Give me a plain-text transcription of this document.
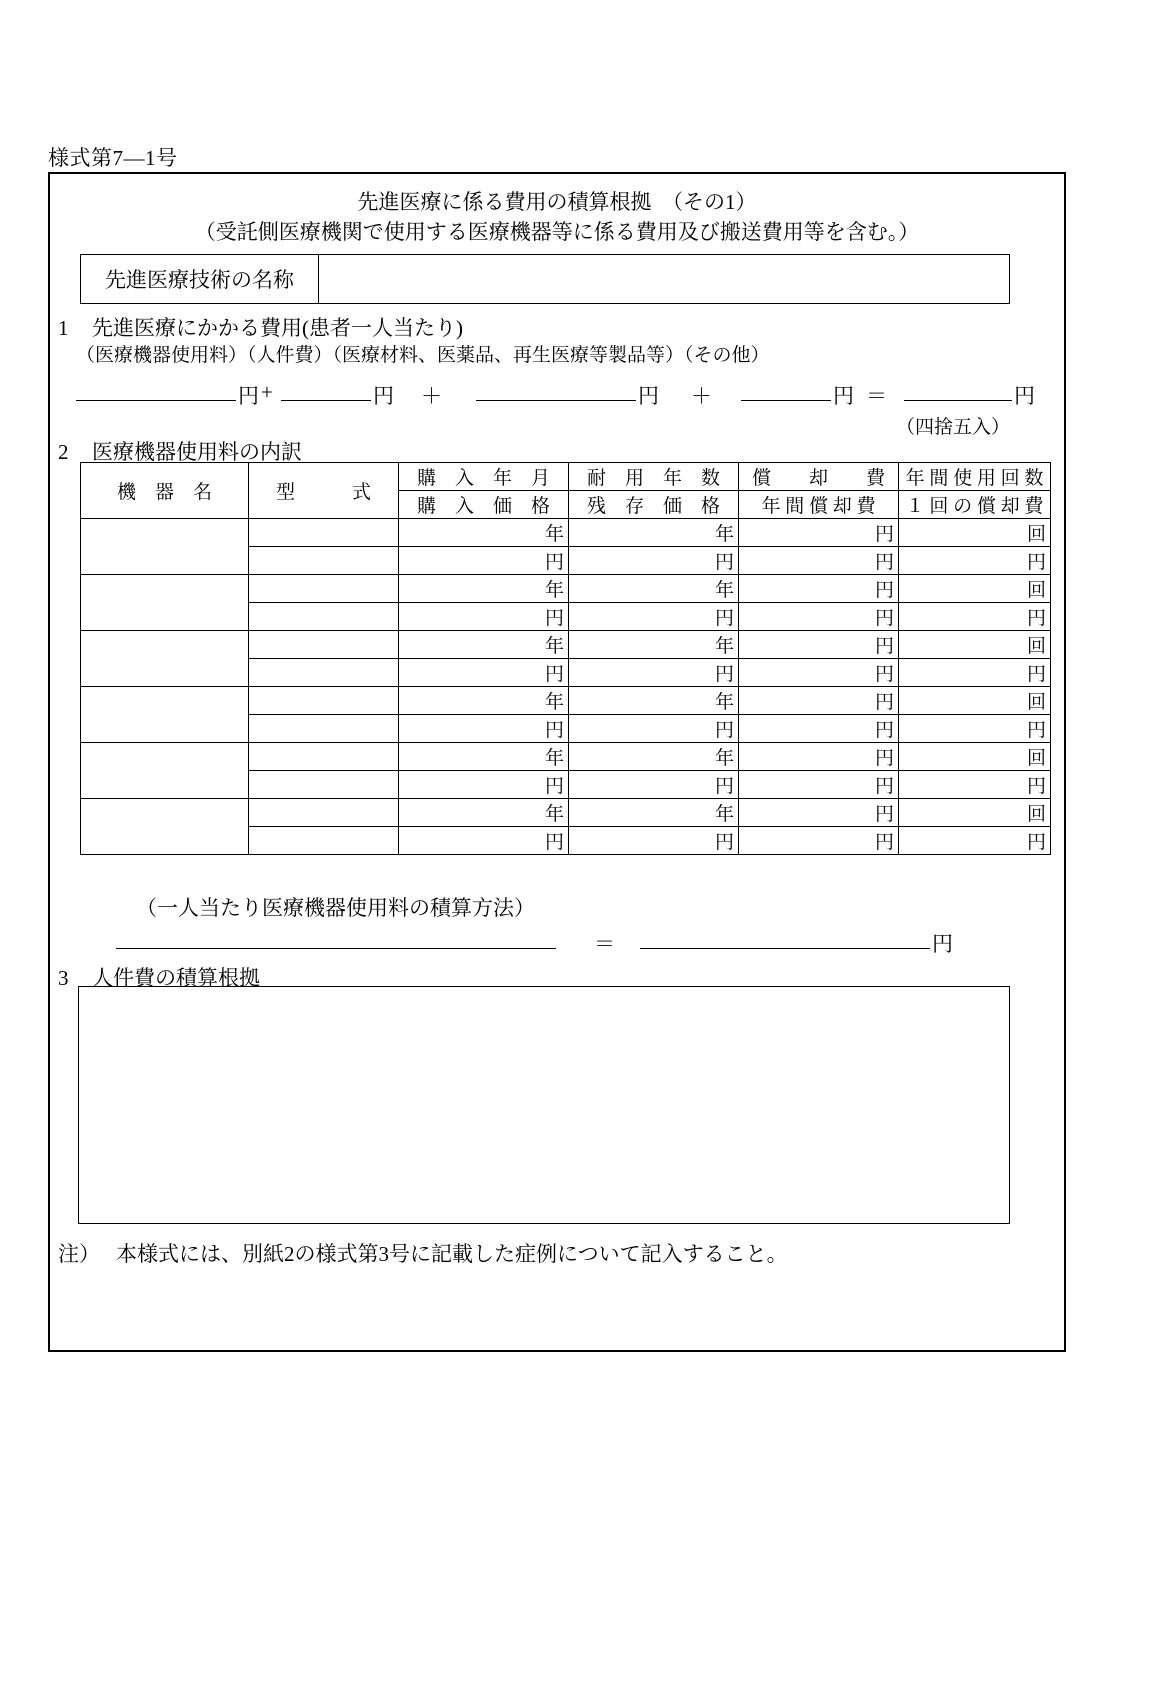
様式第7―1号
先進医療に係る費用の積算根拠　（その1）
（受託側医療機関で使用する医療機器等に係る費用及び搬送費用等を含む。）
先進医療技術の名称
1 先進医療にかかる費用(患者一人当たり)
（医療機器使用料）（人件費）（医療材料、医薬品、再生医療等製品等）（その他）
円 +	円 ＋	円 ＋	円 ＝	円
（四捨五入）
2 医療機器使用料の内訳
機　器　名	型　　　式	購　入　年　月	耐　用　年　数	償　　却　　費	年 間 使 用 回 数
		購　入　価　格	残　存　価　格	年 間 償 却 費	１ 回 の 償 却 費
		年	年	円	回
		円	円	円	円
		年	年	円	回
		円	円	円	円
		年	年	円	回
		円	円	円	円
		年	年	円	回
		円	円	円	円
		年	年	円	回
		円	円	円	円
		年	年	円	回
		円	円	円	円
（一人当たり医療機器使用料の積算方法）
＝	円
3 人件費の積算根拠
注） 本様式には、別紙2の様式第3号に記載した症例について記入すること。
